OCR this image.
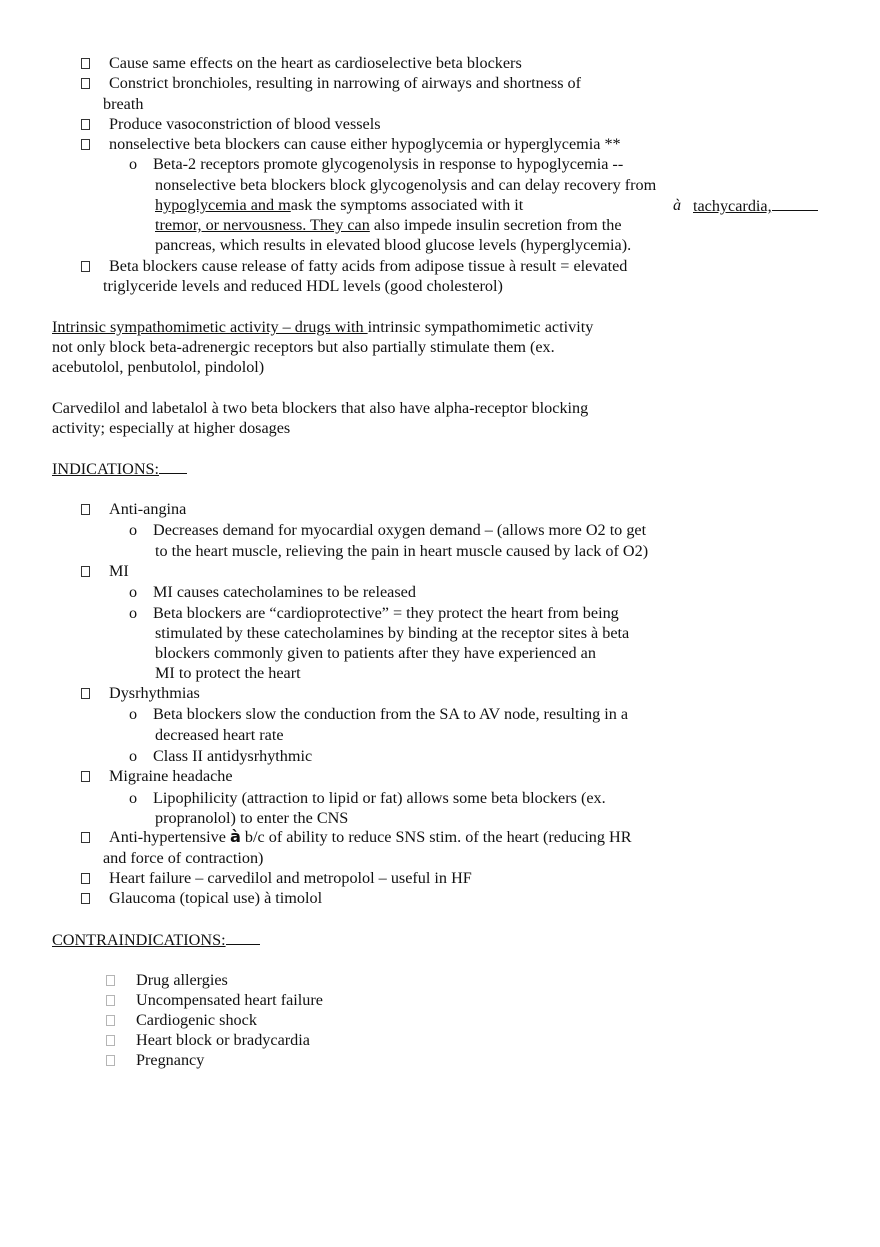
Cause same effects on the heart as cardioselective beta blockers
Constrict bronchioles, resulting in narrowing of airways and shortness of
breath
Produce vasoconstriction of blood vessels
nonselective beta blockers can cause either hypoglycemia or hyperglycemia **
o Beta-2 receptors promote glycogenolysis in response to hypoglycemia --
nonselective beta blockers block glycogenolysis and can delay recovery from
hypoglycemia and mask the symptoms associated with it	à tachycardia,
tremor, or nervousness. They can also impede insulin secretion from the
pancreas, which results in elevated blood glucose levels (hyperglycemia).
Beta blockers cause release of fatty acids from adipose tissue à result = elevated
triglyceride levels and reduced HDL levels (good cholesterol)
Intrinsic sympathomimetic activity – drugs with intrinsic sympathomimetic activity
not only block beta-adrenergic receptors but also partially stimulate them (ex.
acebutolol, penbutolol, pindolol)
Carvedilol and labetalol à two beta blockers that also have alpha-receptor blocking
activity; especially at higher dosages
INDICATIONS:
Anti-angina
o Decreases demand for myocardial oxygen demand – (allows more O2 to get
to the heart muscle, relieving the pain in heart muscle caused by lack of O2)
MI
o MI causes catecholamines to be released
o Beta blockers are “cardioprotective” = they protect the heart from being
stimulated by these catecholamines by binding at the receptor sites à beta
blockers commonly given to patients after they have experienced an
MI to protect the heart
Dysrhythmias
o Beta blockers slow the conduction from the SA to AV node, resulting in a
decreased heart rate
o Class II antidysrhythmic
Migraine headache
o Lipophilicity (attraction to lipid or fat) allows some beta blockers (ex.
propranolol) to enter the CNS
Anti-hypertensive à b/c of ability to reduce SNS stim. of the heart (reducing HR
and force of contraction)
Heart failure – carvedilol and metropolol – useful in HF
Glaucoma (topical use) à timolol
CONTRAINDICATIONS:
Drug allergies
Uncompensated heart failure
Cardiogenic shock
Heart block or bradycardia
Pregnancy
